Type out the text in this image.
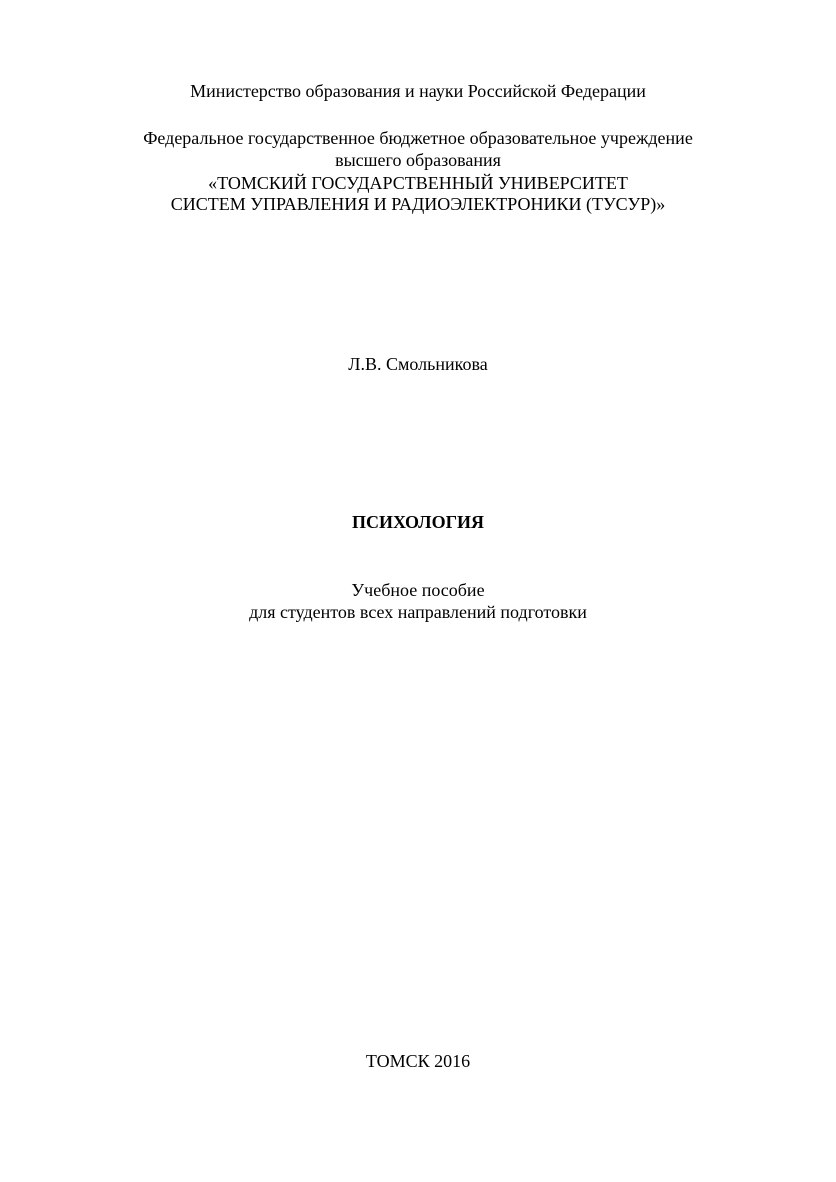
Министерство образования и науки Российской Федерации
Федеральное государственное бюджетное образовательное учреждение
высшего образования
«ТОМСКИЙ ГОСУДАРСТВЕННЫЙ УНИВЕРСИТЕТ
СИСТЕМ УПРАВЛЕНИЯ И РАДИОЭЛЕКТРОНИКИ (ТУСУР)»
Л.В. Смольникова
ПСИХОЛОГИЯ
Учебное пособие
для студентов всех направлений подготовки
ТОМСК 2016
